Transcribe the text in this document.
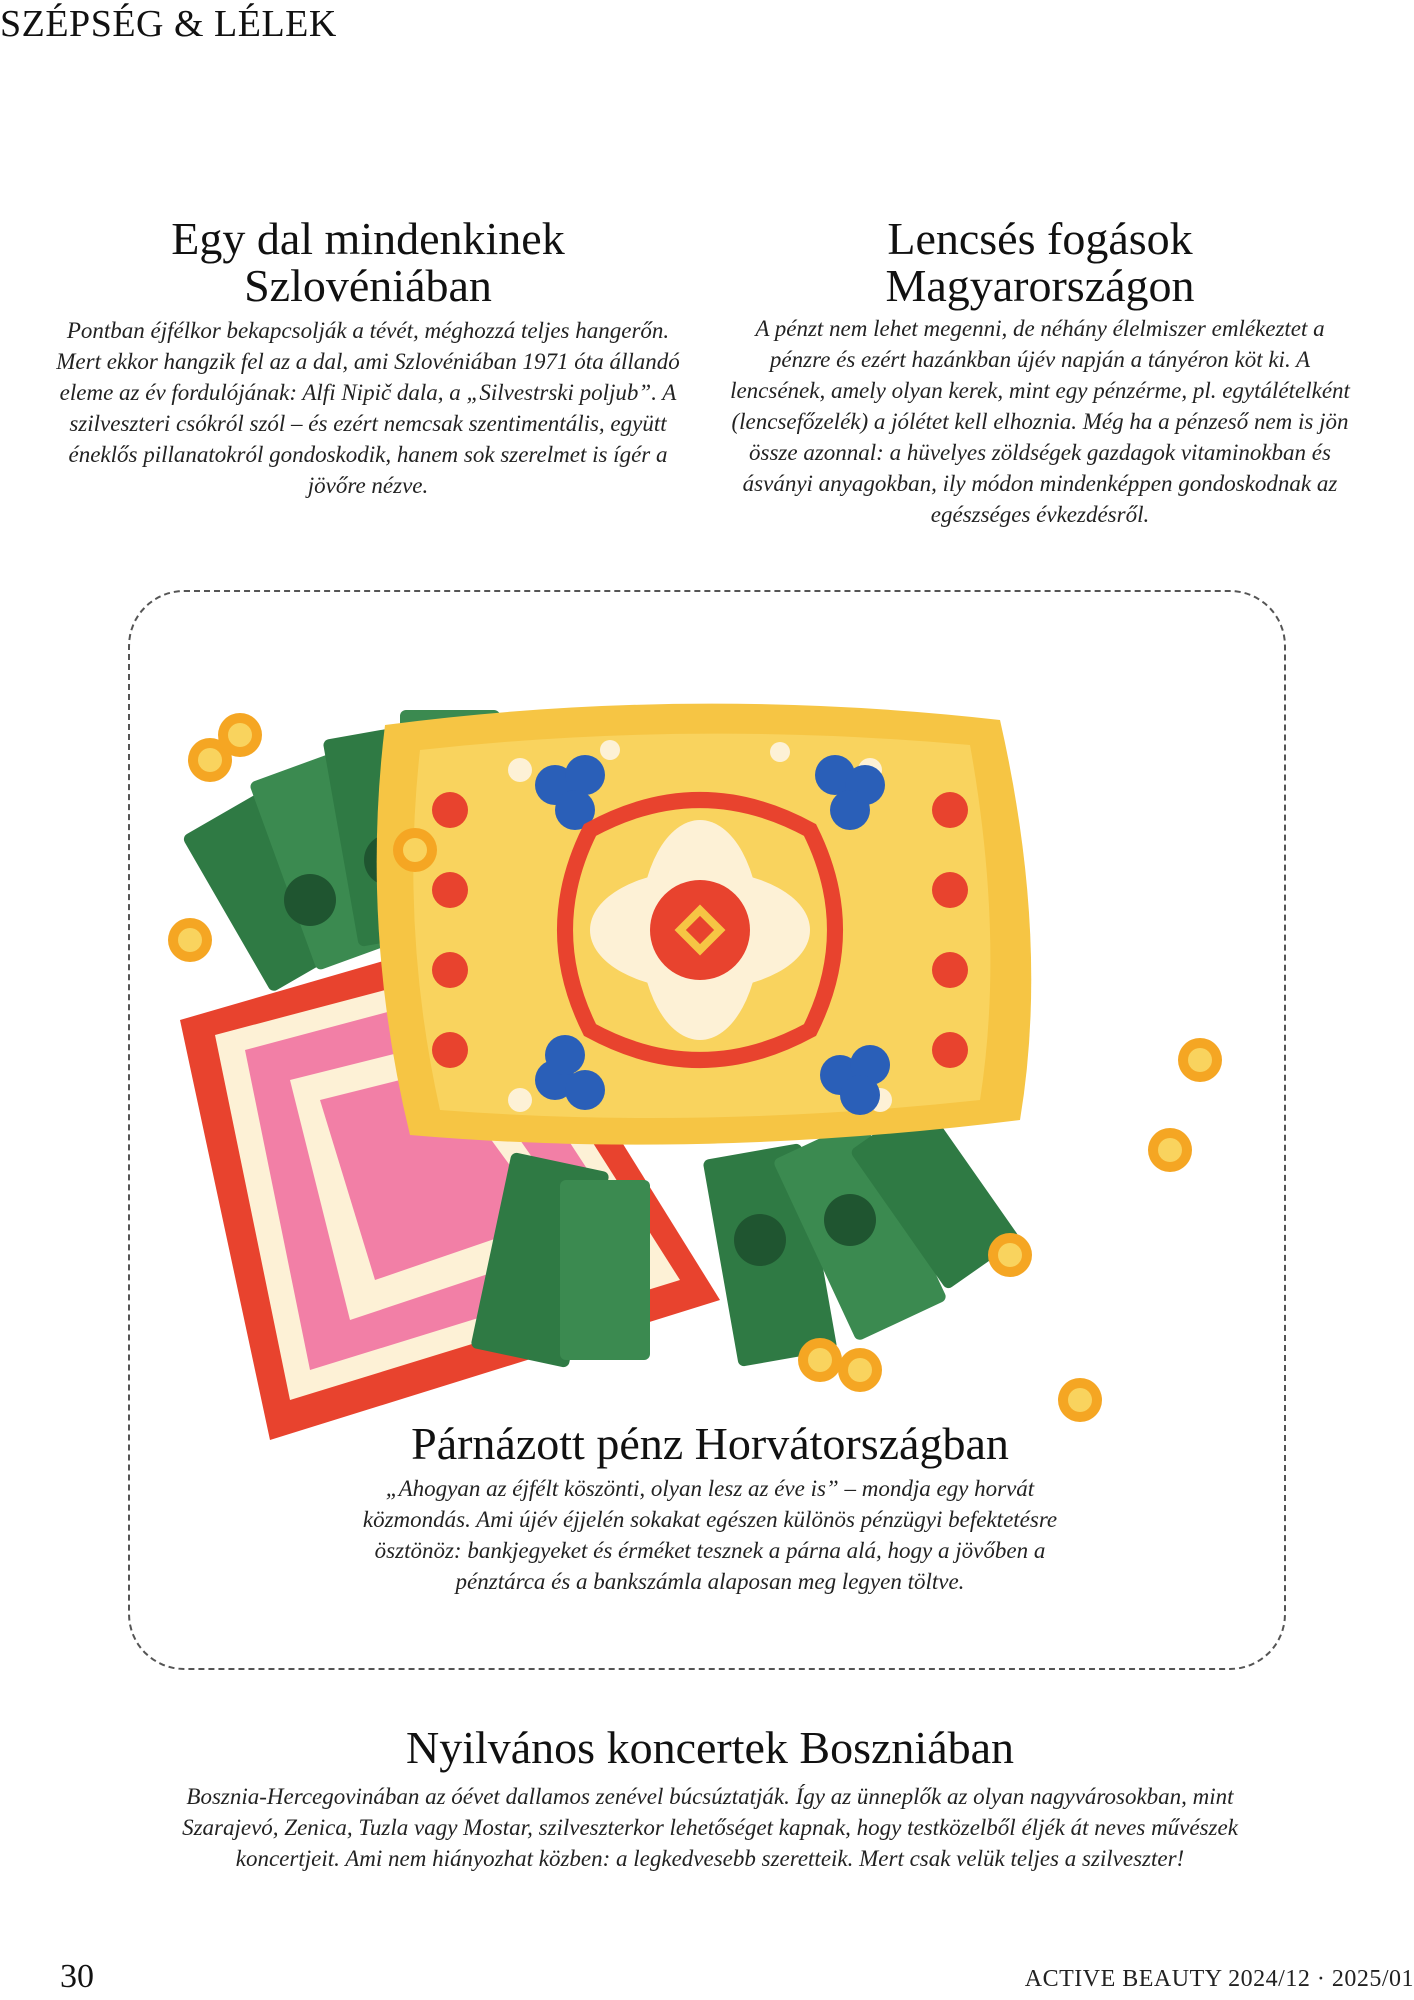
SZÉPSÉG & LÉLEK
Egy dal mindenkinek
Szlovéniában

Pontban éjfélkor bekapcsolják a tévét, méghozzá teljes hangerőn. Mert ekkor hangzik fel az a dal, ami Szlovéniában 1971 óta állandó eleme az év fordulójának: Alfi Nipič dala, a „Silvestrski poljub”. A szilveszteri csókról szól – és ezért nemcsak szentimentális, együtt éneklős pillanatokról gondoskodik, hanem sok szerelmet is ígér a jövőre nézve.

Lencsés fogások
Magyarországon

A pénzt nem lehet megenni, de néhány élelmiszer emlékeztet a pénzre és ezért hazánkban újév napján a tányéron köt ki. A lencsének, amely olyan kerek, mint egy pénzérme, pl. egytálételként (lencsefőzelék) a jólétet kell elhoznia. Még ha a pénzeső nem is jön össze azonnal: a hüvelyes zöldségek gazdagok vitaminokban és ásványi anyagokban, ily módon mindenképpen gondoskodnak az egészséges évkezdésről.

Párnázott pénz Horvátországban

„Ahogyan az éjfélt köszönti, olyan lesz az éve is” – mondja egy horvát közmondás. Ami újév éjjelén sokakat egészen különös pénzügyi befektetésre ösztönöz: bankjegyeket és érméket tesznek a párna alá, hogy a jövőben a pénztárca és a bankszámla alaposan meg legyen töltve.

Nyilvános koncertek Boszniában

Bosznia-Hercegovinában az óévet dallamos zenével búcsúztatják. Így az ünneplők az olyan nagyvárosokban, mint Szarajevó, Zenica, Tuzla vagy Mostar, szilveszterkor lehetőséget kapnak, hogy testközelből éljék át neves művészek koncertjeit. Ami nem hiányozhat közben: a legkedvesebb szeretteik. Mert csak velük teljes a szilveszter!

30	ACTIVE BEAUTY 2024/12 · 2025/01
